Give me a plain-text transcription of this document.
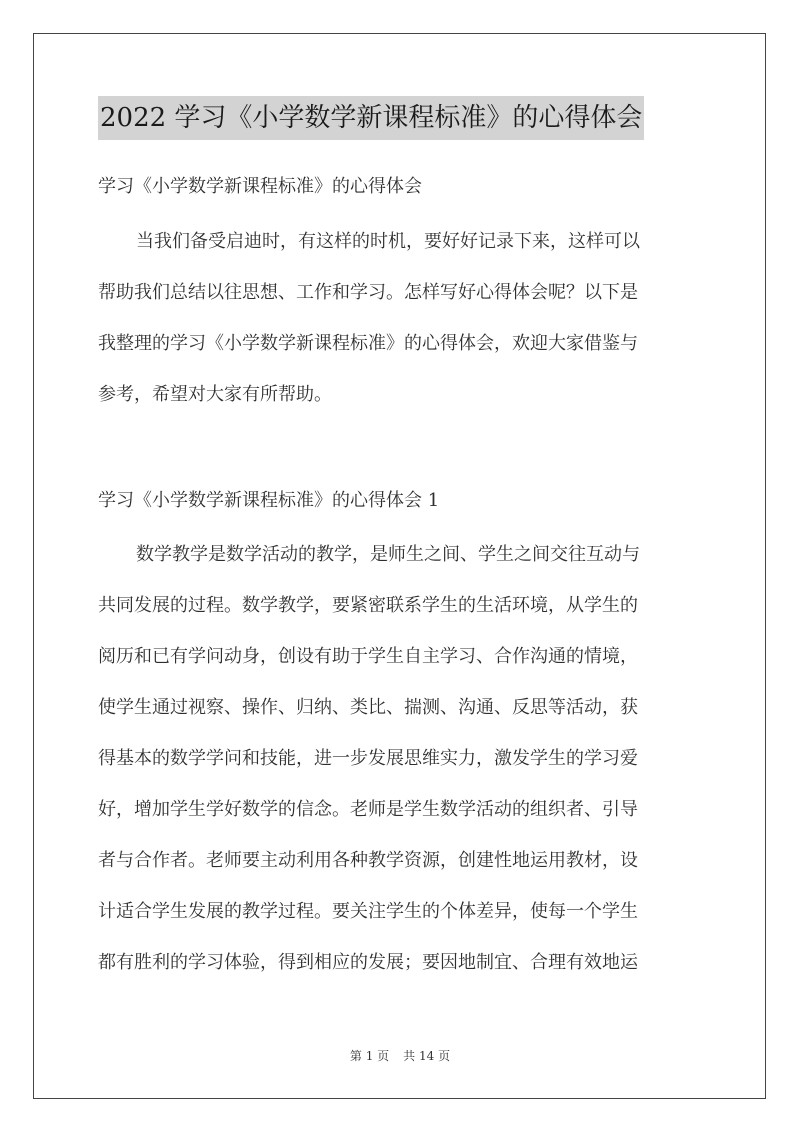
2022 学习《小学数学新课程标准》的心得体会
学习《小学数学新课程标准》的心得体会
当我们备受启迪时，有这样的时机，要好好记录下来，这样可以
帮助我们总结以往思想、工作和学习。怎样写好心得体会呢？以下是
我整理的学习《小学数学新课程标准》的心得体会，欢迎大家借鉴与
参考，希望对大家有所帮助。
学习《小学数学新课程标准》的心得体会 1
数学教学是数学活动的教学，是师生之间、学生之间交往互动与
共同发展的过程。数学教学，要紧密联系学生的生活环境，从学生的
阅历和已有学问动身，创设有助于学生自主学习、合作沟通的情境，
使学生通过视察、操作、归纳、类比、揣测、沟通、反思等活动，获
得基本的数学学问和技能，进一步发展思维实力，激发学生的学习爱
好，增加学生学好数学的信念。老师是学生数学活动的组织者、引导
者与合作者。老师要主动利用各种教学资源，创建性地运用教材，设
计适合学生发展的教学过程。要关注学生的个体差异，使每一个学生
都有胜利的学习体验，得到相应的发展；要因地制宜、合理有效地运
第 1 页 共 14 页
